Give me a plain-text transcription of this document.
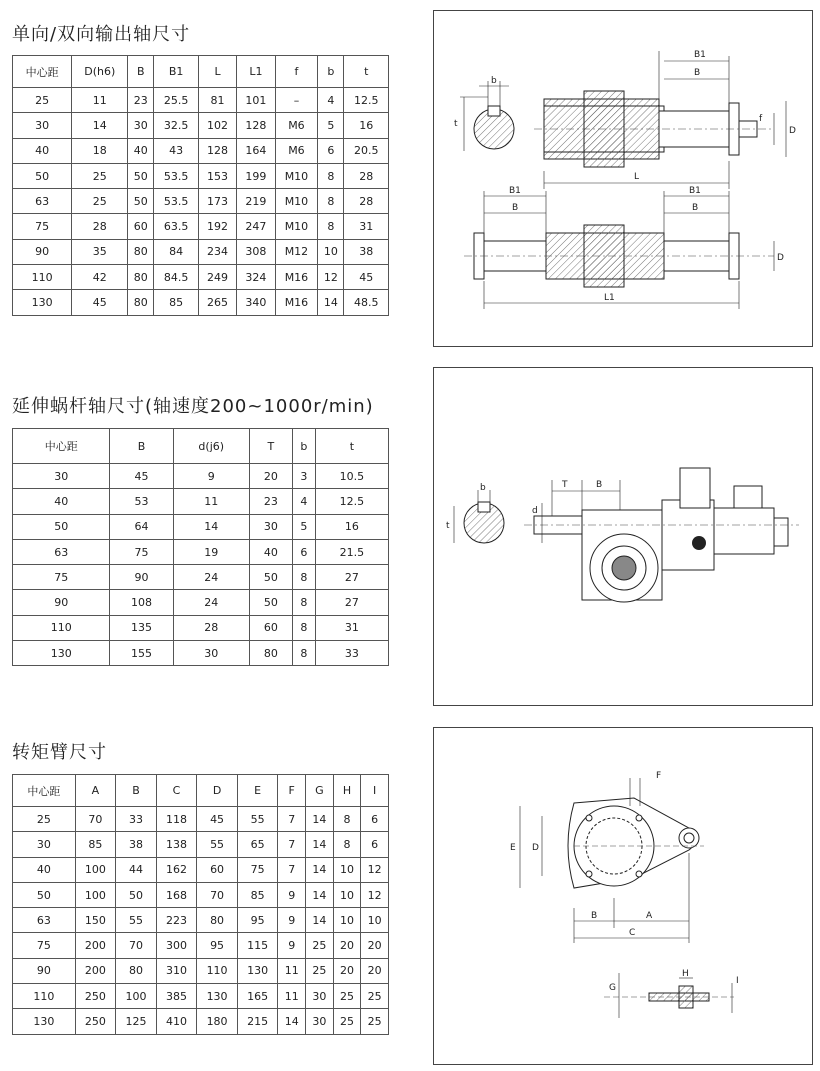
单向/双向输出轴尺寸
延伸蜗杆轴尺寸(轴速度200~1000r/min)
转矩臂尺寸
中心距	D(h6)	B	B1	L	L1	f	b	t
25	11	23	25.5	81	101	–	4	12.5
30	14	30	32.5	102	128	M6	5	16
40	18	40	43	128	164	M6	6	20.5
50	25	50	53.5	153	199	M10	8	28
63	25	50	53.5	173	219	M10	8	28
75	28	60	63.5	192	247	M10	8	31
90	35	80	84	234	308	M12	10	38
110	42	80	84.5	249	324	M16	12	45
130	45	80	85	265	340	M16	14	48.5
中心距	B	d(j6)	T	b	t
30	45	9	20	3	10.5
40	53	11	23	4	12.5
50	64	14	30	5	16
63	75	19	40	6	21.5
75	90	24	50	8	27
90	108	24	50	8	27
110	135	28	60	8	31
130	155	30	80	8	33
中心距	A	B	C	D	E	F	G	H	I
25	70	33	118	45	55	7	14	8	6
30	85	38	138	55	65	7	14	8	6
40	100	44	162	60	75	7	14	10	12
50	100	50	168	70	85	9	14	10	12
63	150	55	223	80	95	9	14	10	10
75	200	70	300	95	115	9	25	20	20
90	200	80	310	110	130	11	25	20	20
110	250	100	385	130	165	11	30	25	25
130	250	125	410	180	215	14	30	25	25
b
t
B1
B
f
D
L
B1
B
B1
B
L1
D
b
t
T	B
d
F
E D
B	A
C
G
H
I
